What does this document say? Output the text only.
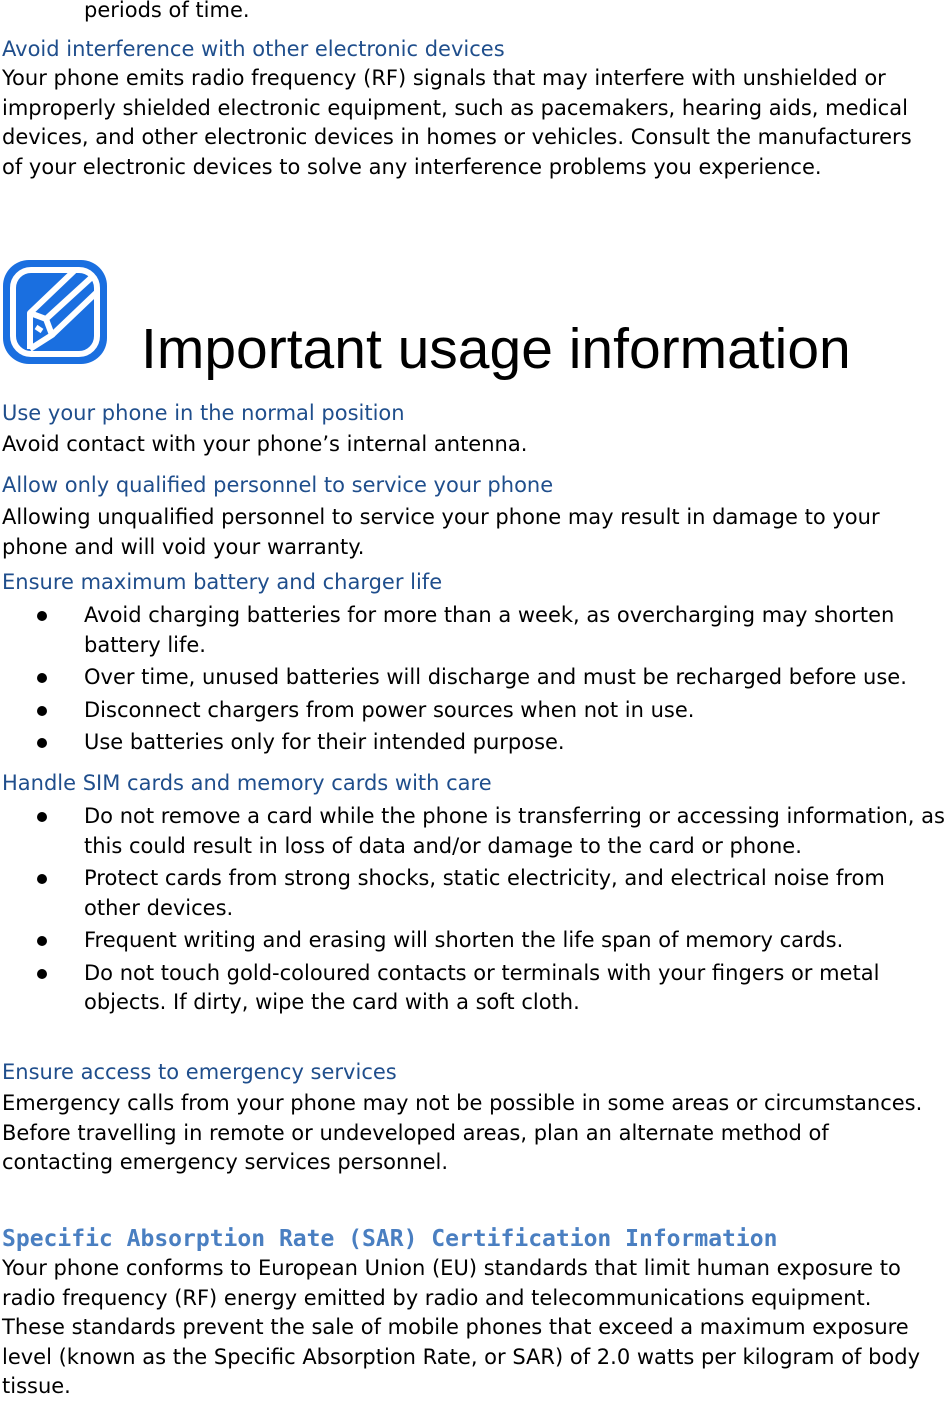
periods of time.

Avoid interference with other electronic devices

Your phone emits radio frequency (RF) signals that may interfere with unshielded or improperly shielded electronic equipment, such as pacemakers, hearing aids, medical devices, and other electronic devices in homes or vehicles. Consult the manufacturers of your electronic devices to solve any interference problems you experience.

Important usage information

Use your phone in the normal position

Avoid contact with your phone’s internal antenna.

Allow only qualified personnel to service your phone

Allowing unqualified personnel to service your phone may result in damage to your phone and will void your warranty.

Ensure maximum battery and charger life

Avoid charging batteries for more than a week, as overcharging may shorten battery life.
Over time, unused batteries will discharge and must be recharged before use.
Disconnect chargers from power sources when not in use.
Use batteries only for their intended purpose.

Handle SIM cards and memory cards with care

Do not remove a card while the phone is transferring or accessing information, as this could result in loss of data and/or damage to the card or phone.
Protect cards from strong shocks, static electricity, and electrical noise from other devices.
Frequent writing and erasing will shorten the life span of memory cards.
Do not touch gold-coloured contacts or terminals with your fingers or metal objects. If dirty, wipe the card with a soft cloth.

Ensure access to emergency services

Emergency calls from your phone may not be possible in some areas or circumstances. Before travelling in remote or undeveloped areas, plan an alternate method of contacting emergency services personnel.

Specific Absorption Rate (SAR) Certification Information

Your phone conforms to European Union (EU) standards that limit human exposure to radio frequency (RF) energy emitted by radio and telecommunications equipment. These standards prevent the sale of mobile phones that exceed a maximum exposure level (known as the Specific Absorption Rate, or SAR) of 2.0 watts per kilogram of body tissue.
